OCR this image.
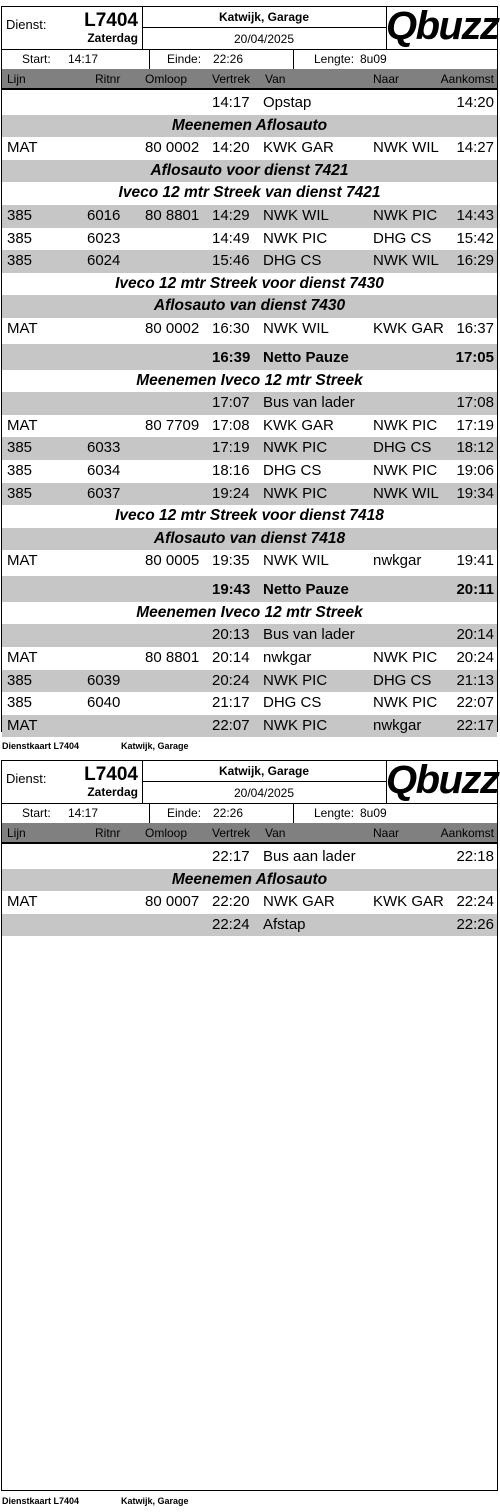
Dienst: L7404
Zaterdag
Katwijk, Garage
20/04/2025	Qbuzz
Start: 14:17	Einde: 22:26	Lengte: 8u09
Lijn	Ritnr Omloop Vertrek Van	Naar	Aankomst
14:17 Opstap	14:20
Meenemen Aflosauto
MAT	80 0002 14:20 KWK GAR	NWK WIL 14:27
Aflosauto voor dienst 7421
Iveco 12 mtr Streek van dienst 7421
385	6016 80 8801 14:29 NWK WIL	NWK PIC 14:43
385	6023	14:49 NWK PIC	DHG CS 15:42
385	6024	15:46 DHG CS	NWK WIL 16:29
Iveco 12 mtr Streek voor dienst 7430
Aflosauto van dienst 7430
MAT	80 0002 16:30 NWK WIL	KWK GAR 16:37
16:39 Netto Pauze	17:05
Meenemen Iveco 12 mtr Streek
17:07 Bus van lader	17:08
MAT	80 7709 17:08 KWK GAR	NWK PIC 17:19
385	6033	17:19 NWK PIC	DHG CS 18:12
385	6034	18:16 DHG CS	NWK PIC 19:06
385	6037	19:24 NWK PIC	NWK WIL 19:34
Iveco 12 mtr Streek voor dienst 7418
Aflosauto van dienst 7418
MAT	80 0005 19:35 NWK WIL	nwkgar 19:41
19:43 Netto Pauze	20:11
Meenemen Iveco 12 mtr Streek
20:13 Bus van lader	20:14
MAT	80 8801 20:14 nwkgar	NWK PIC 20:24
385	6039	20:24 NWK PIC	DHG CS 21:13
385	6040	21:17 DHG CS	NWK PIC 22:07
MAT	22:07 NWK PIC	nwkgar 22:17
Dienstkaart L7404	Katwijk, Garage
Dienst: L7404
Zaterdag
Katwijk, Garage
20/04/2025	Qbuzz
Start: 14:17	Einde: 22:26	Lengte: 8u09
Lijn	Ritnr Omloop Vertrek Van	Naar	Aankomst
22:17 Bus aan lader	22:18
Meenemen Aflosauto
MAT	80 0007 22:20 NWK GAR	KWK GAR 22:24
22:24 Afstap	22:26
Dienstkaart L7404	Katwijk, Garage
